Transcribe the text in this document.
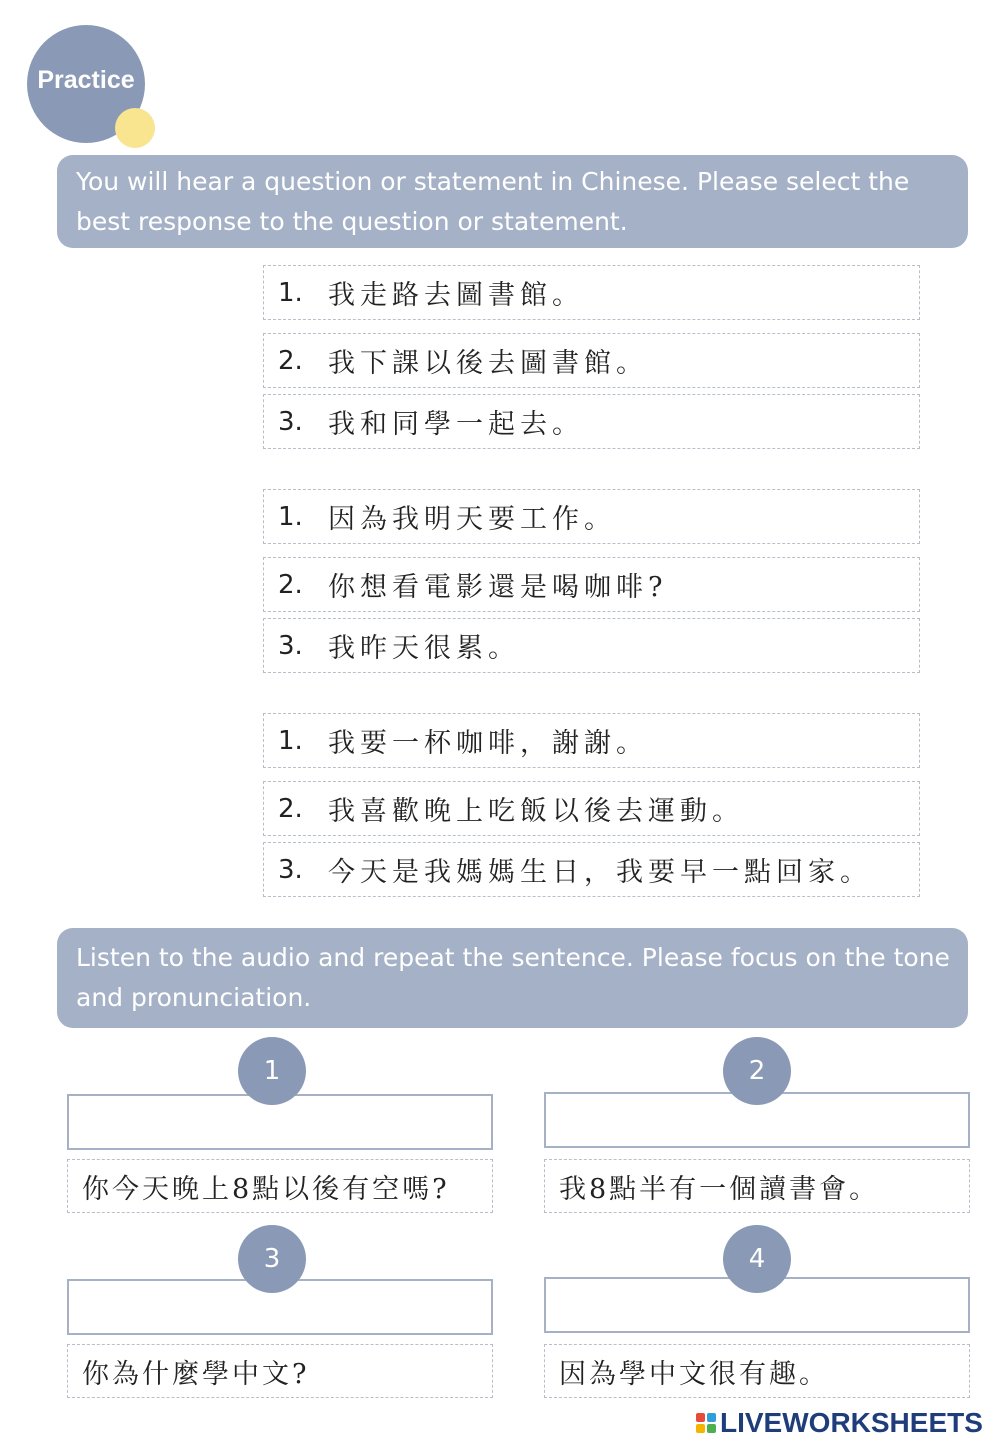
Practice
You will hear a question or statement in Chinese. Please select the best response to the question or statement.
1. 我走路去圖書館。
2. 我下課以後去圖書館。
3. 我和同學一起去。
1. 因為我明天要工作。
2. 你想看電影還是喝咖啡?
3. 我昨天很累。
1. 我要一杯咖啡，謝謝。
2. 我喜歡晚上吃飯以後去運動。
3. 今天是我媽媽生日，我要早一點回家。
Listen to the audio and repeat the sentence. Please focus on the tone and pronunciation.
1
你今天晚上8點以後有空嗎?
2
我8點半有一個讀書會。
3
你為什麼學中文?
4
因為學中文很有趣。
LIVEWORKSHEETS
